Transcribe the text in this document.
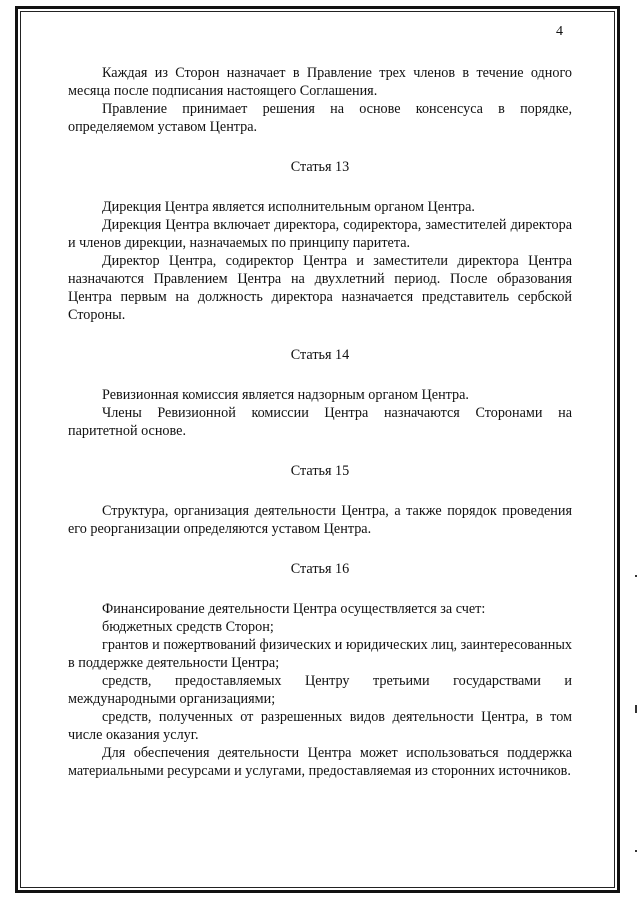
4

Каждая из Сторон назначает в Правление трех членов в течение одного месяца после подписания настоящего Соглашения.

Правление принимает решения на основе консенсуса в порядке, определяемом уставом Центра.

Статья 13

Дирекция Центра является исполнительным органом Центра.

Дирекция Центра включает директора, содиректора, заместителей директора и членов дирекции, назначаемых по принципу паритета.

Директор Центра, содиректор Центра и заместители директора Центра назначаются Правлением Центра на двухлетний период. После образования Центра первым на должность директора назначается представитель сербской Стороны.

Статья 14

Ревизионная комиссия является надзорным органом Центра.

Члены Ревизионной комиссии Центра назначаются Сторонами на паритетной основе.

Статья 15

Структура, организация деятельности Центра, а также порядок проведения его реорганизации определяются уставом Центра.

Статья 16

Финансирование деятельности Центра осуществляется за счет:

бюджетных средств Сторон;

грантов и пожертвований физических и юридических лиц, заинтересованных в поддержке деятельности Центра;

средств, предоставляемых Центру третьими государствами и международными организациями;

средств, полученных от разрешенных видов деятельности Центра, в том числе оказания услуг.

Для обеспечения деятельности Центра может использоваться поддержка материальными ресурсами и услугами, предоставляемая из сторонних источников.
